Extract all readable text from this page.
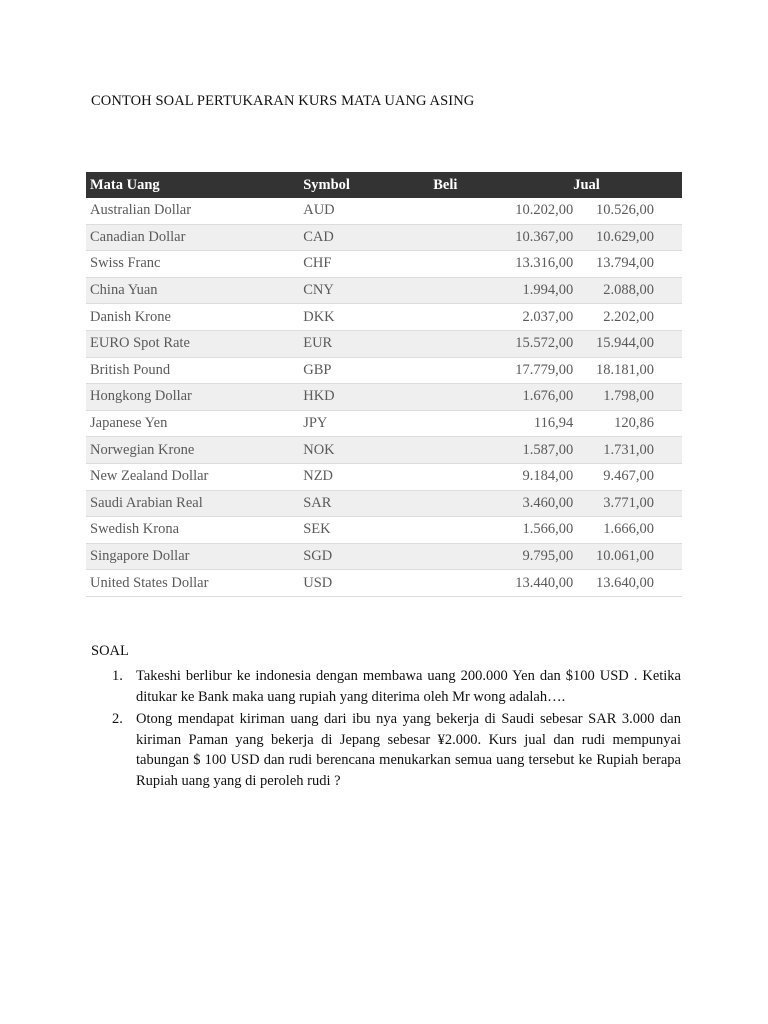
CONTOH SOAL PERTUKARAN KURS MATA UANG ASING
Mata Uang	Symbol	Beli	Jual
Australian Dollar	AUD	10.202,00	10.526,00
Canadian Dollar	CAD	10.367,00	10.629,00
Swiss Franc	CHF	13.316,00	13.794,00
China Yuan	CNY	1.994,00	2.088,00
Danish Krone	DKK	2.037,00	2.202,00
EURO Spot Rate	EUR	15.572,00	15.944,00
British Pound	GBP	17.779,00	18.181,00
Hongkong Dollar	HKD	1.676,00	1.798,00
Japanese Yen	JPY	116,94	120,86
Norwegian Krone	NOK	1.587,00	1.731,00
New Zealand Dollar	NZD	9.184,00	9.467,00
Saudi Arabian Real	SAR	3.460,00	3.771,00
Swedish Krona	SEK	1.566,00	1.666,00
Singapore Dollar	SGD	9.795,00	10.061,00
United States Dollar	USD	13.440,00	13.640,00
SOAL
1. Takeshi berlibur ke indonesia dengan membawa uang 200.000 Yen dan $100 USD . Ketika ditukar ke Bank maka uang rupiah yang diterima oleh Mr wong adalah….
2. Otong mendapat kiriman uang dari ibu nya yang bekerja di Saudi sebesar SAR 3.000 dan kiriman Paman yang bekerja di Jepang sebesar ¥2.000. Kurs jual dan rudi mempunyai tabungan $ 100 USD dan rudi berencana menukarkan semua uang tersebut ke Rupiah berapa Rupiah uang yang di peroleh rudi ?
